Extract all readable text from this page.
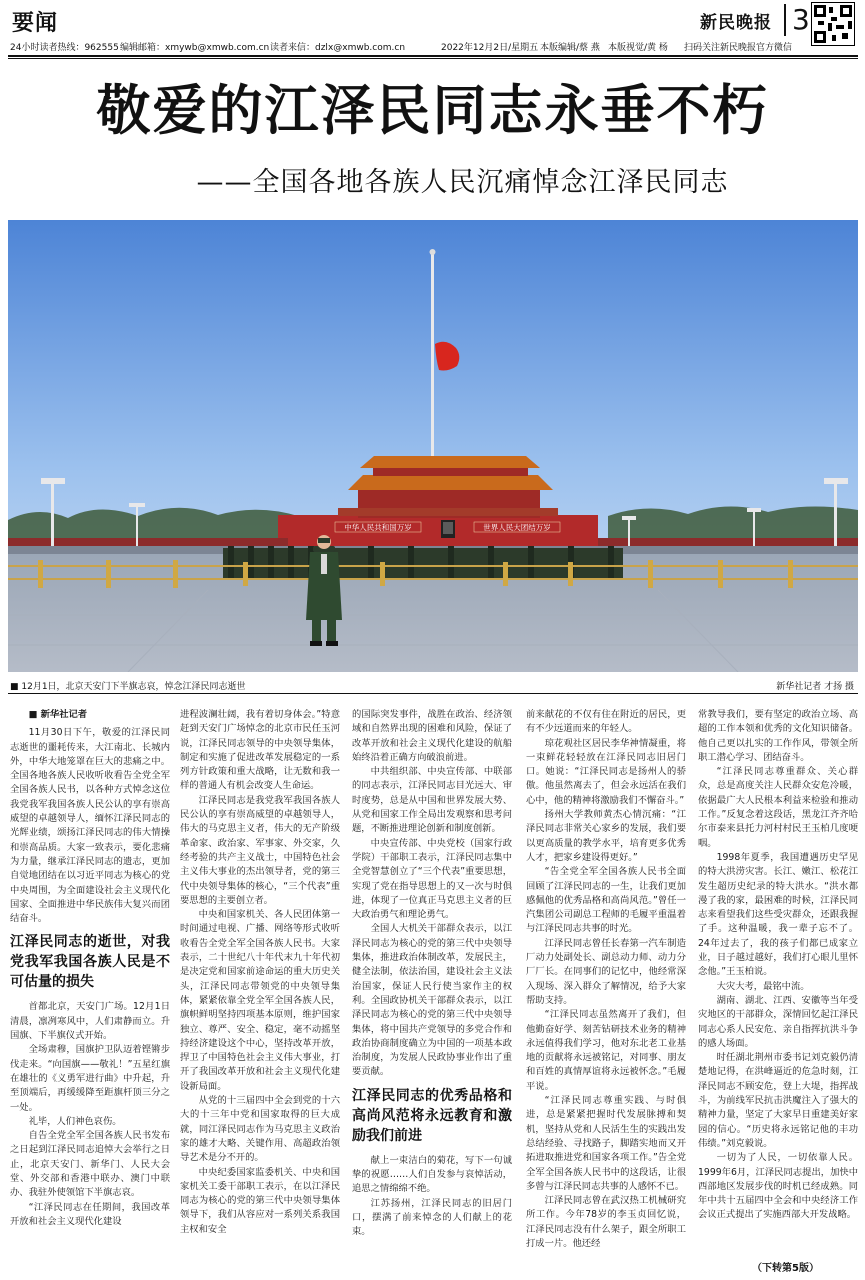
要闻	新民晚报 3
24小时读者热线：962555 编辑邮箱：xmywb@xmwb.com.cn 读者来信：dzlx@xmwb.com.cn	2022年12月2日/星期五 本版编辑/蔡 燕 本版视觉/黄 杨 扫码关注新民晚报官方微信
敬爱的江泽民同志永垂不朽
——全国各地各族人民沉痛悼念江泽民同志
中华人民共和国万岁	世界人民大团结万岁
■ 12月1日，北京天安门下半旗志哀，悼念江泽民同志逝世	新华社记者 才扬 摄

■ 新华社记者

11月30日下午，敬爱的江泽民同志逝世的噩耗传来，大江南北、长城内外，中华大地笼罩在巨大的悲痛之中。全国各地各族人民收听收看告全党全军全国各族人民书，以各种方式悼念这位我党我军我国各族人民公认的享有崇高威望的卓越领导人，缅怀江泽民同志的光辉业绩，颂扬江泽民同志的伟大情操和崇高品质。大家一致表示，要化悲痛为力量，继承江泽民同志的遗志，更加自觉地团结在以习近平同志为核心的党中央周围，为全面建设社会主义现代化国家、全面推进中华民族伟大复兴而团结奋斗。

江泽民同志的逝世，对我党我军我国各族人民是不可估量的损失

首都北京，天安门广场。12月1日清晨，凛冽寒风中，人们肃静而立。升国旗、下半旗仪式开始。

全场肃穆，国旗护卫队迈着铿锵步伐走来。“向国旗——敬礼！”五星红旗在雄壮的《义勇军进行曲》中升起，升至顶端后，再缓缓降至距旗杆顶三分之一处。

礼毕，人们神色哀伤。

自告全党全军全国各族人民书发布之日起到江泽民同志追悼大会举行之日止，北京天安门、新华门、人民大会堂、外交部和香港中联办、澳门中联办、我驻外使领馆下半旗志哀。

“江泽民同志在任期间，我国改革开放和社会主义现代化建设

进程波澜壮阔，我有着切身体会。”特意赶到天安门广场悼念的北京市民任玉河说，江泽民同志领导的中央领导集体，制定和实施了促进改革发展稳定的一系列方针政策和重大战略，让无数和我一样的普通人有机会改变人生命运。

江泽民同志是我党我军我国各族人民公认的享有崇高威望的卓越领导人，伟大的马克思主义者，伟大的无产阶级革命家、政治家、军事家、外交家，久经考验的共产主义战士，中国特色社会主义伟大事业的杰出领导者，党的第三代中央领导集体的核心，“三个代表”重要思想的主要创立者。

中央和国家机关、各人民团体第一时间通过电视、广播、网络等形式收听收看告全党全军全国各族人民书。大家表示，二十世纪八十年代末九十年代初是决定党和国家前途命运的重大历史关头，江泽民同志带领党的中央领导集体，紧紧依靠全党全军全国各族人民，旗帜鲜明坚持四项基本原则，维护国家独立、尊严、安全、稳定，毫不动摇坚持经济建设这个中心，坚持改革开放，捍卫了中国特色社会主义伟大事业，打开了我国改革开放和社会主义现代化建设新局面。

从党的十三届四中全会到党的十六大的十三年中党和国家取得的巨大成就，同江泽民同志作为马克思主义政治家的雄才大略、关键作用、高超政治领导艺术是分不开的。

中央纪委国家监委机关、中央和国家机关工委干部职工表示，在以江泽民同志为核心的党的第三代中央领导集体领导下，我们从容应对一系列关系我国主权和安全

的国际突发事件，战胜在政治、经济领域和自然界出现的困难和风险，保证了改革开放和社会主义现代化建设的航船始终沿着正确方向破浪前进。

中共组织部、中央宣传部、中联部的同志表示，江泽民同志目光远大、审时度势，总是从中国和世界发展大势、从党和国家工作全局出发观察和思考问题，不断推进理论创新和制度创新。

中央宣传部、中央党校（国家行政学院）干部职工表示，江泽民同志集中全党智慧创立了“三个代表”重要思想，实现了党在指导思想上的又一次与时俱进，体现了一位真正马克思主义者的巨大政治勇气和理论勇气。

全国人大机关干部群众表示，以江泽民同志为核心的党的第三代中央领导集体，推进政治体制改革，发展民主，健全法制，依法治国，建设社会主义法治国家，保证人民行使当家作主的权利。全国政协机关干部群众表示，以江泽民同志为核心的党的第三代中央领导集体，将中国共产党领导的多党合作和政治协商制度确立为中国的一项基本政治制度，为发展人民政协事业作出了重要贡献。

江泽民同志的优秀品格和高尚风范将永远教育和激励我们前进

献上一束洁白的菊花，写下一句诚挚的祝愿……人们自发参与哀悼活动，追思之情绵绵不绝。

江苏扬州，江泽民同志的旧居门口，摆满了前来悼念的人们献上的花束。

前来献花的不仅有住在附近的居民，更有不少远道而来的年轻人。

琼花观社区居民李华神情凝重，将一束鲜花轻轻放在江泽民同志旧居门口。她说：“江泽民同志是扬州人的骄傲。他虽然离去了，但会永远活在我们心中，他的精神将激励我们不懈奋斗。”

扬州大学教师黄杰心情沉痛：“江泽民同志非常关心家乡的发展，我们要以更高质量的教学水平，培育更多优秀人才，把家乡建设得更好。”

“告全党全军全国各族人民书全面回顾了江泽民同志的一生，让我们更加感佩他的优秀品格和高尚风范。”曾任一汽集团公司副总工程师的毛履平重温着与江泽民同志共事的时光。

江泽民同志曾任长春第一汽车制造厂动力处副处长、副总动力师、动力分厂厂长。在同事们的记忆中，他经常深入现场、深入群众了解情况，给予大家帮助支持。

“江泽民同志虽然离开了我们，但他勤奋好学、刻苦钻研技术业务的精神永远值得我们学习，他对东北老工业基地的贡献将永远被铭记，对同事、朋友和百姓的真情厚谊将永远被怀念。”毛履平说。

“江泽民同志尊重实践、与时俱进，总是紧紧把握时代发展脉搏和契机，坚持从党和人民活生生的实践出发总结经验、寻找路子，脚踏实地而又开拓进取推进党和国家各项工作。”告全党全军全国各族人民书中的这段话，让很多曾与江泽民同志共事的人感怀不已。

江泽民同志曾在武汉热工机械研究所工作。今年78岁的李玉贞回忆说，江泽民同志没有什么架子，跟全所职工打成一片。他还经

常教导我们，要有坚定的政治立场、高超的工作本领和优秀的文化知识储备。他自己更以扎实的工作作风，带领全所职工潜心学习、团结奋斗。

“江泽民同志尊重群众、关心群众，总是高度关注人民群众安危冷暖，依据最广大人民根本利益来检验和推动工作。”反复念着这段话，黑龙江齐齐哈尔市泰来县托力河村村民王玉柏几度哽咽。

1998年夏季，我国遭遇历史罕见的特大洪涝灾害。长江、嫩江、松花江发生超历史纪录的特大洪水。“洪水都漫了我的家，最困难的时候，江泽民同志来看望我们这些受灾群众，还跟我握了手。这种温暖，我一辈子忘不了。24年过去了，我的孩子们都已成家立业，日子越过越好，我们打心眼儿里怀念他。”王玉柏说。

大灾大考，最铭中流。

湖南、湖北、江西、安徽等当年受灾地区的干部群众，深情回忆起江泽民同志心系人民安危、亲自指挥抗洪斗争的感人场面。

时任湖北荆州市委书记刘克毅仍清楚地记得，在洪峰逼近的危急时刻，江泽民同志不顾安危，登上大堤，指挥战斗，为前线军民抗击洪魔注入了强大的精神力量，坚定了大家早日重建美好家园的信心。“历史将永远铭记他的丰功伟绩。”刘克毅说。

一切为了人民，一切依靠人民。1999年6月，江泽民同志提出，加快中西部地区发展步伐的时机已经成熟。同年中共十五届四中全会和中央经济工作会议正式提出了实施西部大开发战略。

（下转第5版）
